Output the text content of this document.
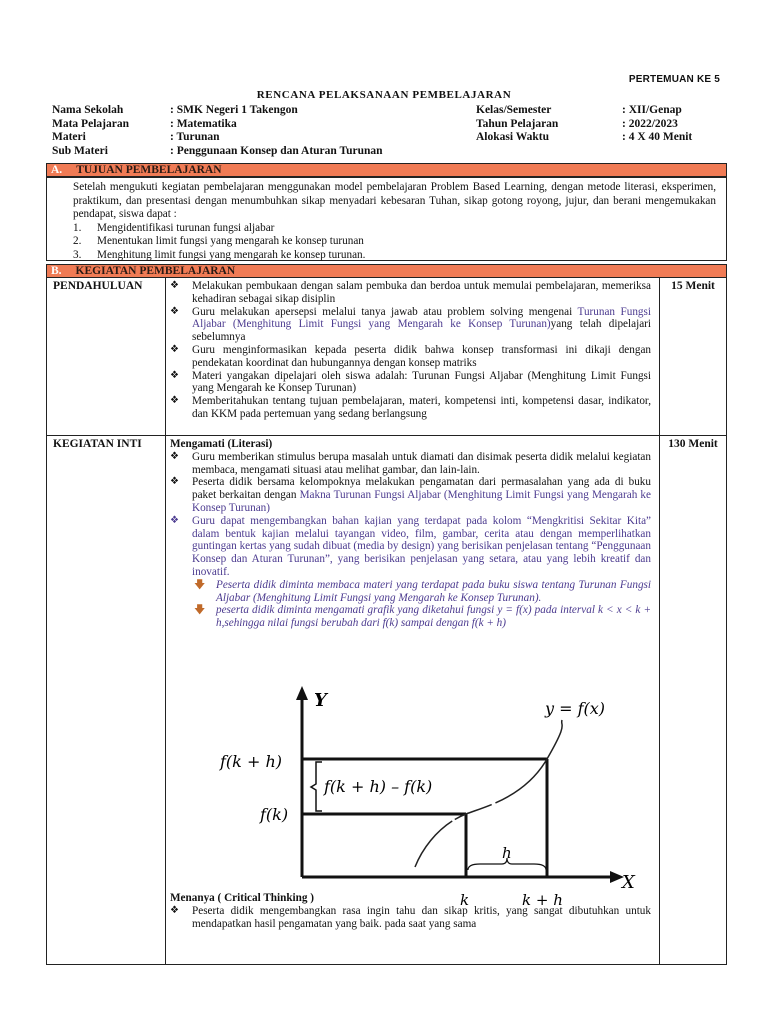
PERTEMUAN KE 5
RENCANA PELAKSANAAN PEMBELAJARAN
Nama Sekolah	: SMK Negeri 1 Takengon
Mata Pelajaran	: Matematika
Materi	: Turunan
Sub Materi	: Penggunaan Konsep dan Aturan Turunan
Kelas/Semester	: XII/Genap
Tahun Pelajaran	: 2022/2023
Alokasi Waktu	: 4 X 40 Menit
A. TUJUAN PEMBELAJARAN
Setelah mengukuti kegiatan pembelajaran menggunakan model pembelajaran Problem Based Learning, dengan metode literasi, eksperimen, praktikum, dan presentasi dengan menumbuhkan sikap menyadari kebesaran Tuhan, sikap gotong royong, jujur, dan berani mengemukakan pendapat, siswa dapat :
1.	Mengidentifikasi turunan fungsi aljabar
2.	Menentukan limit fungsi yang mengarah ke konsep turunan
3.	Menghitung limit fungsi yang mengarah ke konsep turunan.
B. KEGIATAN PEMBELAJARAN
PENDAHULUAN	❖	Melakukan pembukaan dengan salam pembuka dan berdoa untuk memulai pembelajaran, memeriksa kehadiran sebagai sikap disiplin
❖	Guru melakukan apersepsi melalui tanya jawab atau problem solving mengenai Turunan Fungsi Aljabar (Menghitung Limit Fungsi yang Mengarah ke Konsep Turunan)yang telah dipelajari sebelumnya
❖	Guru menginformasikan kepada peserta didik bahwa konsep transformasi ini dikaji dengan pendekatan koordinat dan hubungannya dengan konsep matriks
❖	Materi yangakan dipelajari oleh siswa adalah: Turunan Fungsi Aljabar (Menghitung Limit Fungsi yang Mengarah ke Konsep Turunan)
❖	Memberitahukan tentang tujuan pembelajaran, materi, kompetensi inti, kompetensi dasar, indikator, dan KKM pada pertemuan yang sedang berlangsung
15 Menit
KEGIATAN INTI	Mengamati (Literasi)
❖	Guru memberikan stimulus berupa masalah untuk diamati dan disimak peserta didik melalui kegiatan membaca, mengamati situasi atau melihat gambar, dan lain-lain.
❖	Peserta didik bersama kelompoknya melakukan pengamatan dari permasalahan yang ada di buku paket berkaitan dengan Makna Turunan Fungsi Aljabar (Menghitung Limit Fungsi yang Mengarah ke Konsep Turunan)
❖	Guru dapat mengembangkan bahan kajian yang terdapat pada kolom “Mengkritisi Sekitar Kita” dalam bentuk kajian melalui tayangan video, film, gambar, cerita atau dengan memperlihatkan guntingan kertas yang sudah dibuat (media by design) yang berisikan penjelasan tentang “Penggunaan Konsep dan Aturan Turunan”, yang berisikan penjelasan yang setara, atau yang lebih kreatif dan inovatif.
🡇 Peserta didik diminta membaca materi yang terdapat pada buku siswa tentang Turunan Fungsi Aljabar (Menghitung Limit Fungsi yang Mengarah ke Konsep Turunan).
🡇 peserta didik diminta mengamati grafik yang diketahui fungsi y = f(x) pada interval k < x < k + h,sehingga nilai fungsi berubah dari f(k) sampai dengan f(k + h)
Menanya ( Critical Thinking )
❖	Peserta didik mengembangkan rasa ingin tahu dan sikap kritis, yang sangat dibutuhkan untuk mendapatkan hasil pengamatan yang baik. pada saat yang sama
130 Menit
Y
X
y = f(x)
f(k + h)
f(k)
f(k + h) – f(k)
h
k	k + h
